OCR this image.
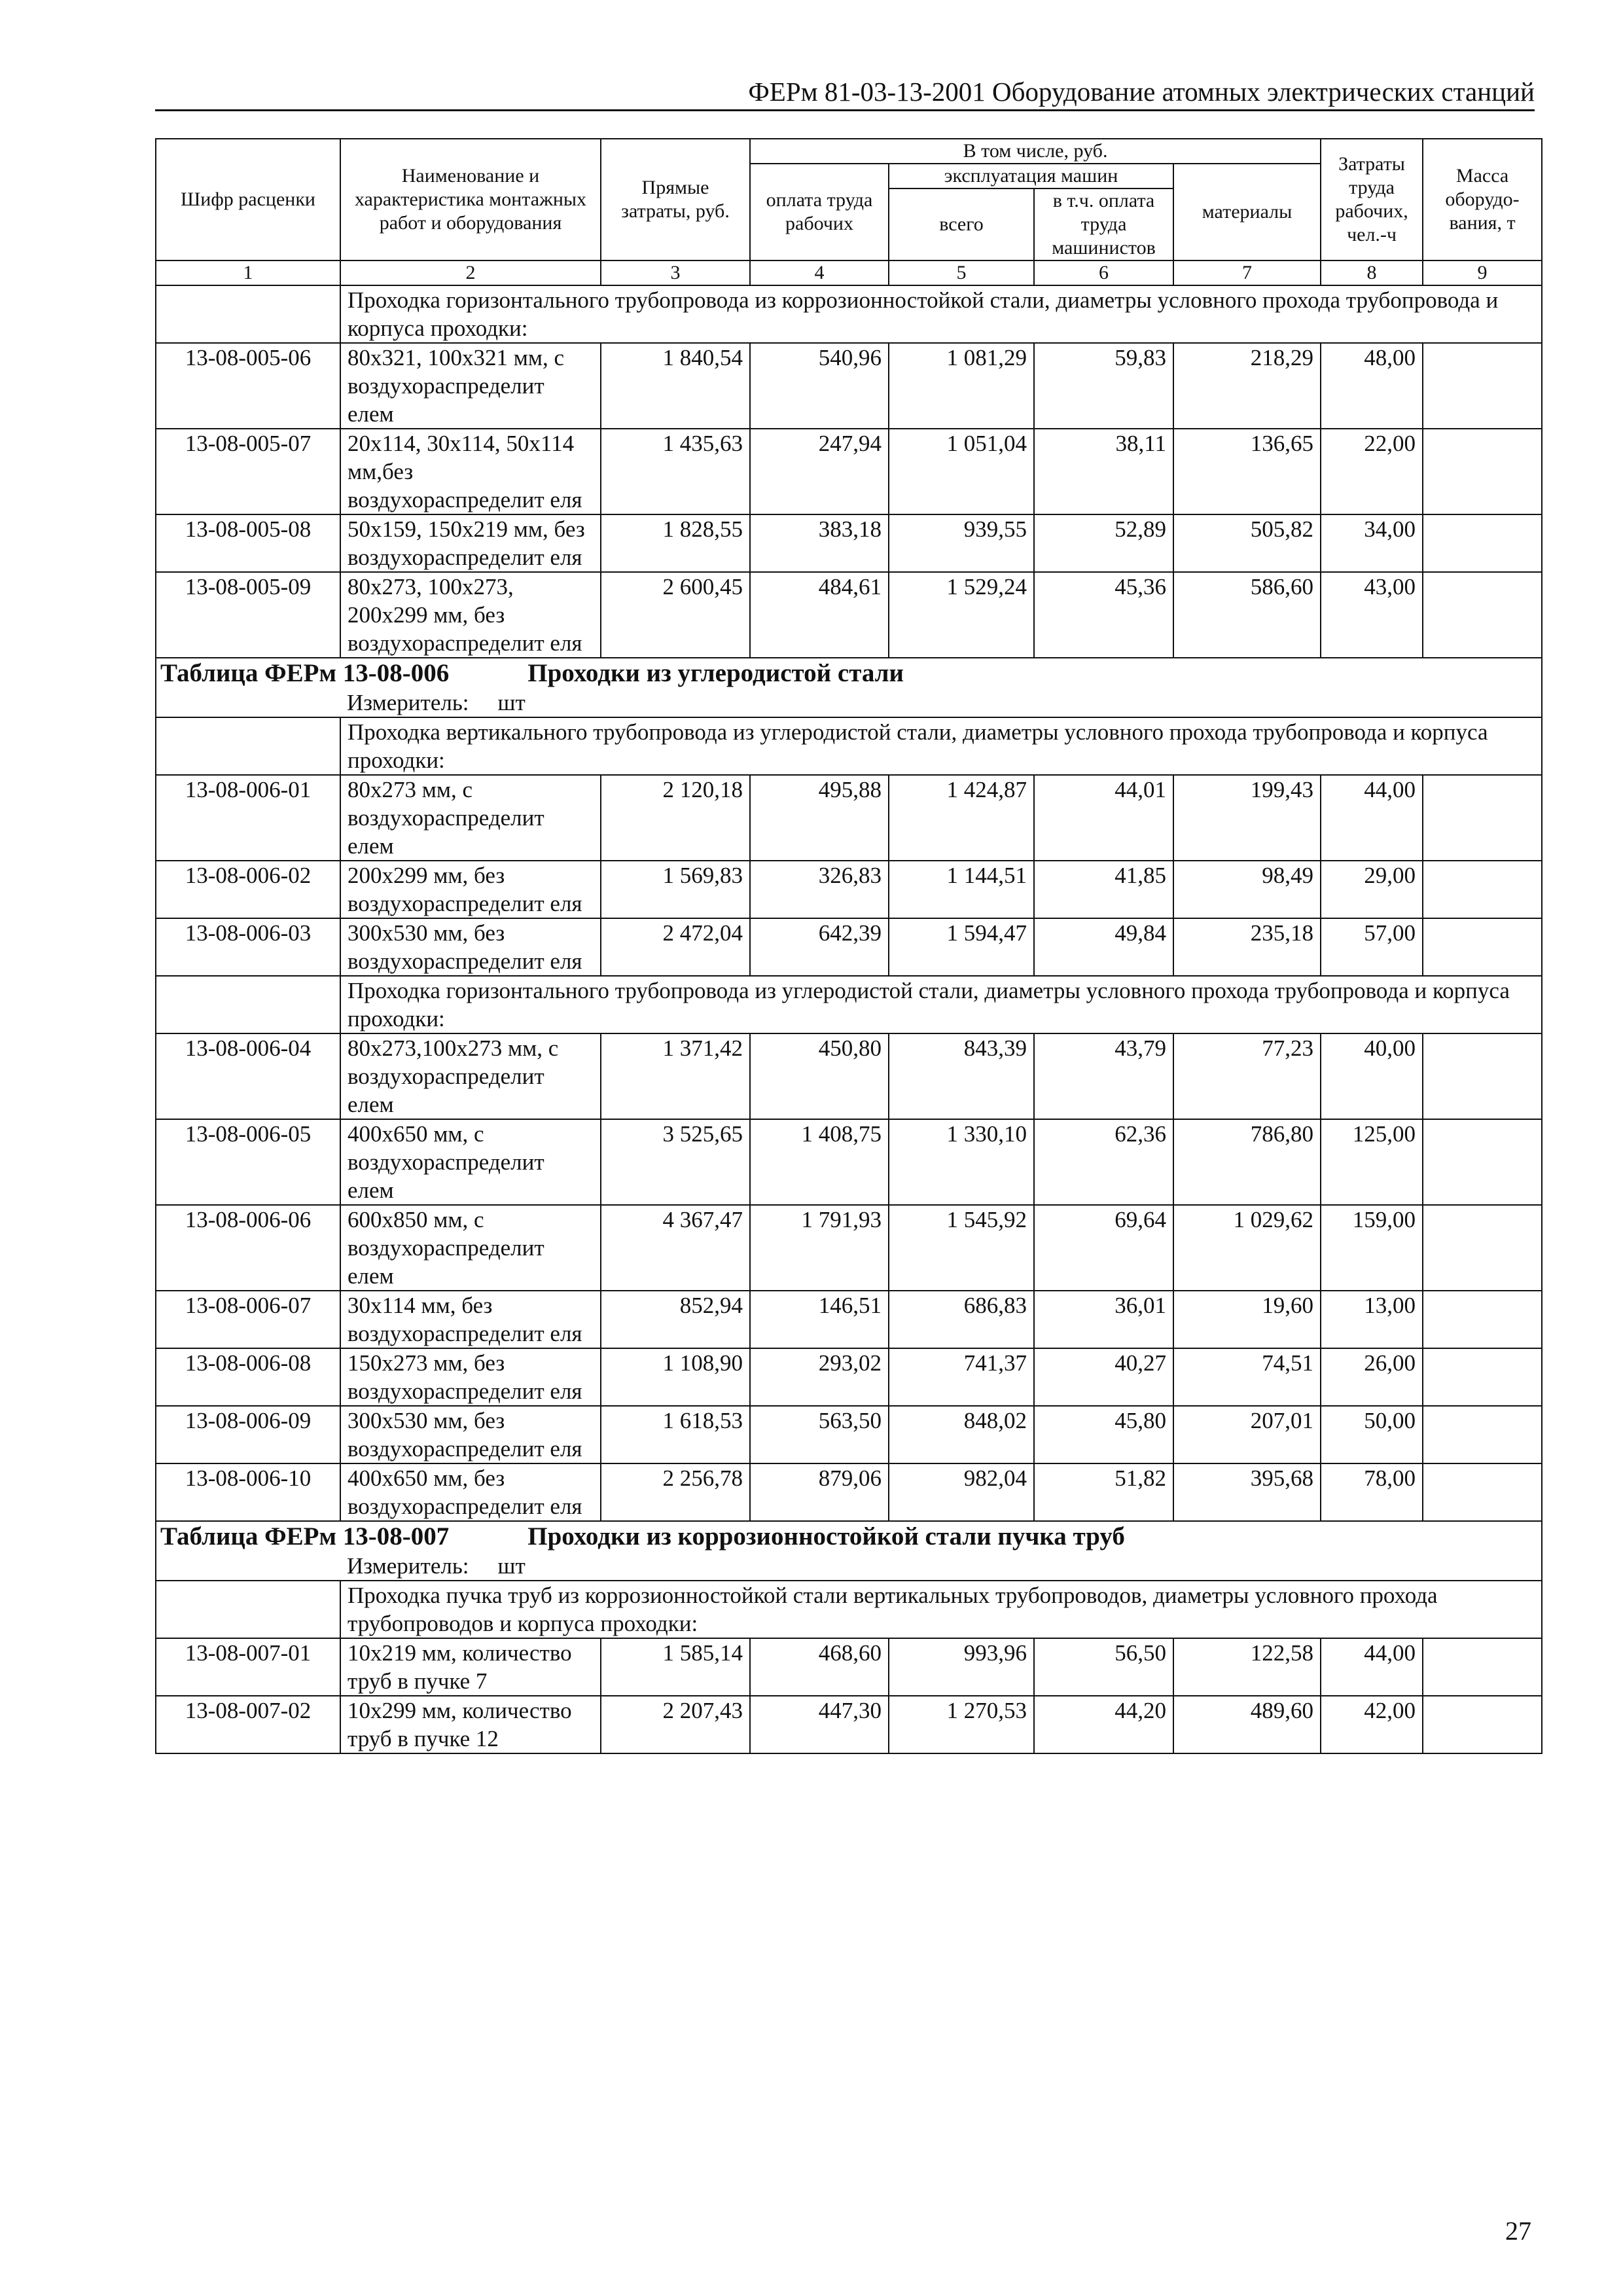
ФЕРм 81-03-13-2001 Оборудование атомных электрических станций
Шифр расценки	Наименование и характеристика монтажных работ и оборудования	Прямые затраты, руб.	В том числе, руб.				Затраты труда рабочих, чел.-ч	Масса оборудо-вания, т
			оплата труда рабочих	эксплуатация машин		материалы		
				всего	в т.ч. оплата труда машинистов			
1	2	3	4	5	6	7	8	9
	Проходка горизонтального трубопровода из коррозионностойкой стали, диаметры условного прохода трубопровода и корпуса проходки:							
13-08-005-06	80x321, 100x321 мм, с воздухораспределит елем	1 840,54	540,96	1 081,29	59,83	218,29	48,00	
13-08-005-07	20x114, 30x114, 50x114 мм,без воздухораспределит еля	1 435,63	247,94	1 051,04	38,11	136,65	22,00	
13-08-005-08	50x159, 150x219 мм, без воздухораспределит еля	1 828,55	383,18	939,55	52,89	505,82	34,00	
13-08-005-09	80x273, 100x273, 200x299 мм, без воздухораспределит еля	2 600,45	484,61	1 529,24	45,36	586,60	43,00	
Таблица ФЕРм 13-08-006 Проходки из углеродистой стали								
	Измеритель: шт							
	Проходка вертикального трубопровода из углеродистой стали, диаметры условного прохода трубопровода и корпуса проходки:							
13-08-006-01	80x273 мм, с воздухораспределит елем	2 120,18	495,88	1 424,87	44,01	199,43	44,00	
13-08-006-02	200x299 мм, без воздухораспределит еля	1 569,83	326,83	1 144,51	41,85	98,49	29,00	
13-08-006-03	300x530 мм, без воздухораспределит еля	2 472,04	642,39	1 594,47	49,84	235,18	57,00	
	Проходка горизонтального трубопровода из углеродистой стали, диаметры условного прохода трубопровода и корпуса проходки:							
13-08-006-04	80x273,100x273 мм, с воздухораспределит елем	1 371,42	450,80	843,39	43,79	77,23	40,00	
13-08-006-05	400x650 мм, с воздухораспределит елем	3 525,65	1 408,75	1 330,10	62,36	786,80	125,00	
13-08-006-06	600x850 мм, с воздухораспределит елем	4 367,47	1 791,93	1 545,92	69,64	1 029,62	159,00	
13-08-006-07	30x114 мм, без воздухораспределит еля	852,94	146,51	686,83	36,01	19,60	13,00	
13-08-006-08	150x273 мм, без воздухораспределит еля	1 108,90	293,02	741,37	40,27	74,51	26,00	
13-08-006-09	300x530 мм, без воздухораспределит еля	1 618,53	563,50	848,02	45,80	207,01	50,00	
13-08-006-10	400x650 мм, без воздухораспределит еля	2 256,78	879,06	982,04	51,82	395,68	78,00	
Таблица ФЕРм 13-08-007 Проходки из коррозионностойкой стали пучка труб								
	Измеритель: шт							
	Проходка пучка труб из коррозионностойкой стали вертикальных трубопроводов, диаметры условного прохода трубопроводов и корпуса проходки:							
13-08-007-01	10x219 мм, количество труб в пучке 7	1 585,14	468,60	993,96	56,50	122,58	44,00	
13-08-007-02	10x299 мм, количество труб в пучке 12	2 207,43	447,30	1 270,53	44,20	489,60	42,00	
27
